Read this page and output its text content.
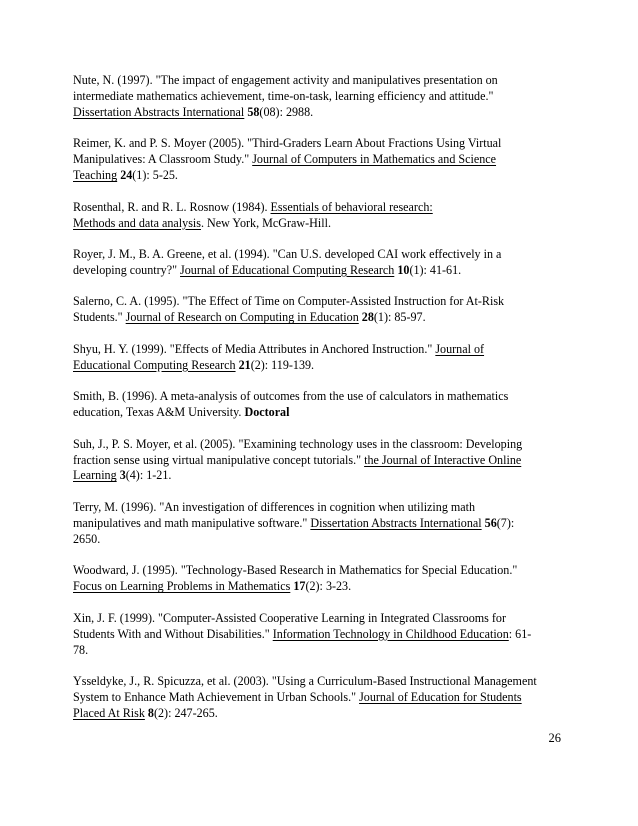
Nute, N. (1997). "The impact of engagement activity and manipulatives presentation on
intermediate mathematics achievement, time-on-task, learning efficiency and attitude."
Dissertation Abstracts International 58(08): 2988.

Reimer, K. and P. S. Moyer (2005). "Third-Graders Learn About Fractions Using Virtual
Manipulatives: A Classroom Study." Journal of Computers in Mathematics and Science
Teaching 24(1): 5-25.

Rosenthal, R. and R. L. Rosnow (1984). Essentials of behavioral research:
Methods and data analysis. New York, McGraw-Hill.

Royer, J. M., B. A. Greene, et al. (1994). "Can U.S. developed CAI work effectively in a
developing country?" Journal of Educational Computing Research 10(1): 41-61.

Salerno, C. A. (1995). "The Effect of Time on Computer-Assisted Instruction for At-Risk
Students." Journal of Research on Computing in Education 28(1): 85-97.

Shyu, H. Y. (1999). "Effects of Media Attributes in Anchored Instruction." Journal of
Educational Computing Research 21(2): 119-139.

Smith, B. (1996). A meta-analysis of outcomes from the use of calculators in mathematics
education, Texas A&M University. Doctoral

Suh, J., P. S. Moyer, et al. (2005). "Examining technology uses in the classroom: Developing
fraction sense using virtual manipulative concept tutorials." the Journal of Interactive Online
Learning 3(4): 1-21.

Terry, M. (1996). "An investigation of differences in cognition when utilizing math
manipulatives and math manipulative software." Dissertation Abstracts International 56(7):
2650.

Woodward, J. (1995). "Technology-Based Research in Mathematics for Special Education."
Focus on Learning Problems in Mathematics 17(2): 3-23.

Xin, J. F. (1999). "Computer-Assisted Cooperative Learning in Integrated Classrooms for
Students With and Without Disabilities." Information Technology in Childhood Education: 61-
78.

Ysseldyke, J., R. Spicuzza, et al. (2003). "Using a Curriculum-Based Instructional Management
System to Enhance Math Achievement in Urban Schools." Journal of Education for Students
Placed At Risk 8(2): 247-265.

26
